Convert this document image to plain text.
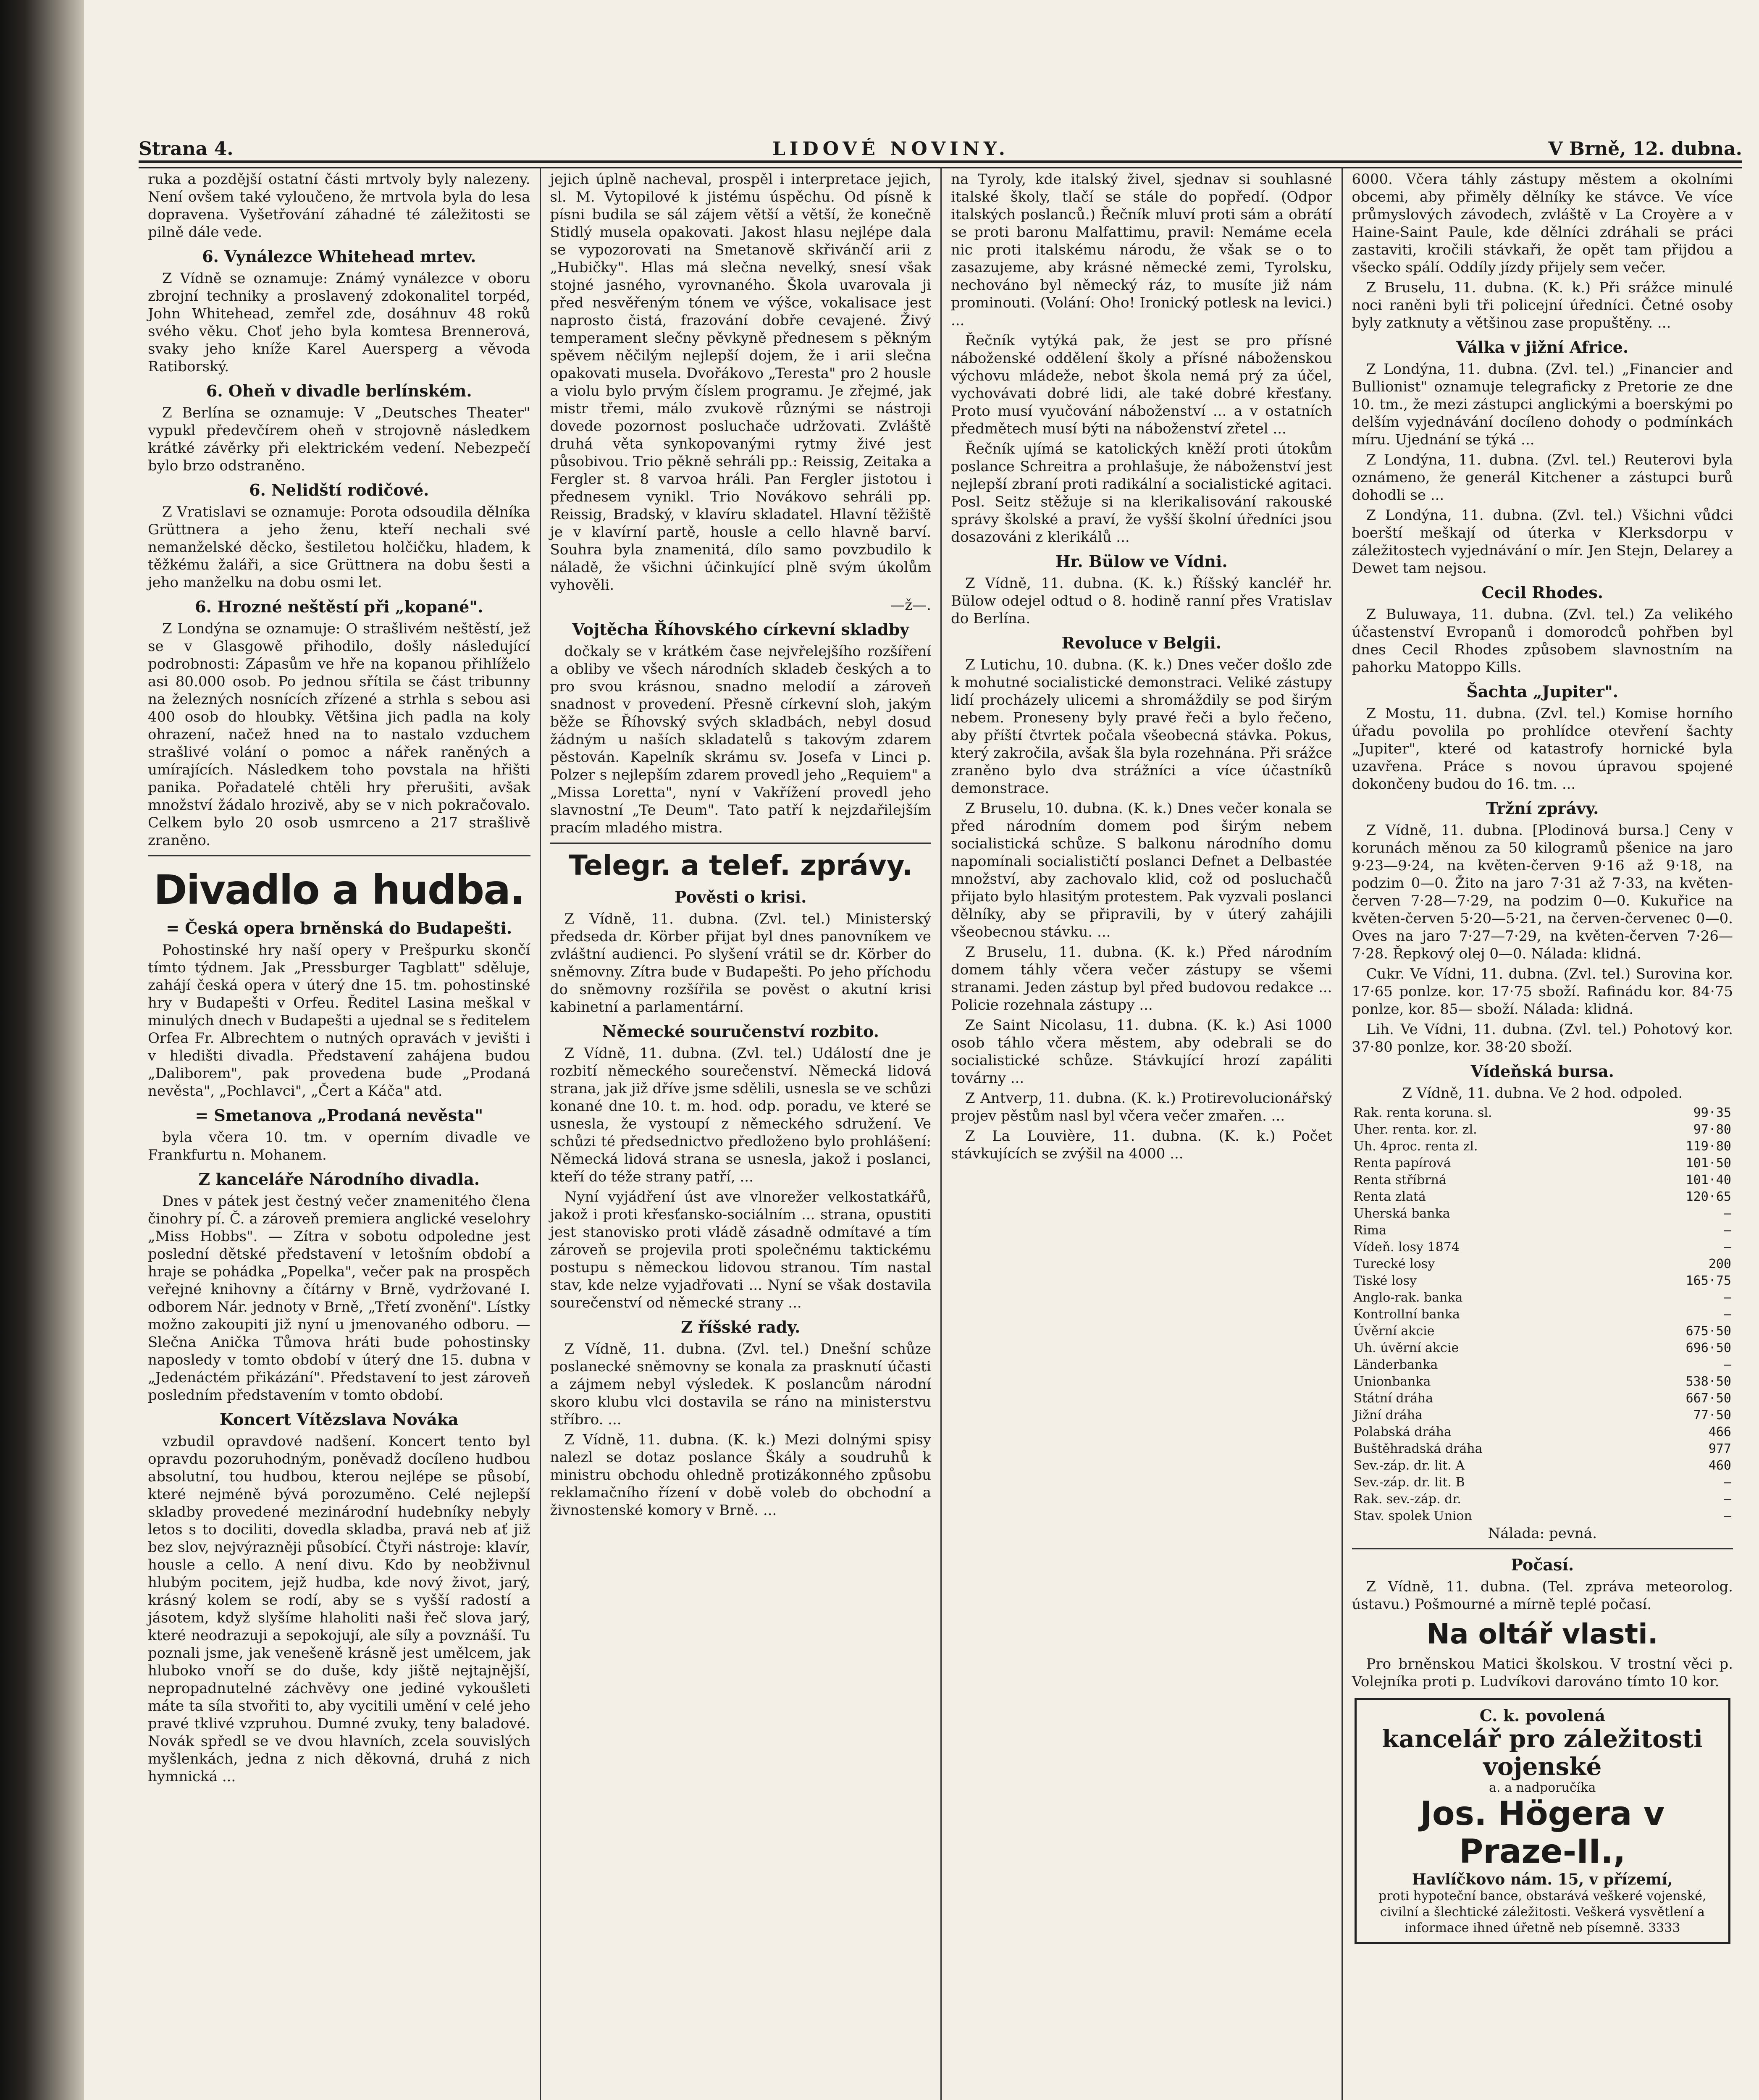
Strana 4.	LIDOVÉ NOVINY.	V Brně, 12. dubna.

ruka a pozdější ostatní části mrtvoly byly nalezeny. Není ovšem také vyloučeno, že mrtvola byla do lesa dopravena. Vyšetřování záhadné té záležitosti se pilně dále vede.

6. Vynálezce Whitehead mrtev.

Z Vídně se oznamuje: Známý vynálezce v oboru zbrojní techniky a proslavený zdokonalitel torpéd, John Whitehead, zemřel zde, dosáhnuv 48 roků svého věku. Choť jeho byla komtesa Brennerová, svaky jeho kníže Karel Auersperg a věvoda Ratiborský.

6. Oheň v divadle berlínském.

Z Berlína se oznamuje: V „Deutsches Theater" vypukl předevčírem oheň v strojovně následkem krátké závěrky při elektrickém vedení. Nebezpečí bylo brzo odstraněno.

6. Nelidští rodičové.

Z Vratislavi se oznamuje: Porota odsoudila dělníka Grüttnera a jeho ženu, kteří nechali své nemanželské děcko, šestiletou holčičku, hladem, k těžkému žaláři, a sice Grüttnera na dobu šesti a jeho manželku na dobu osmi let.

6. Hrozné neštěstí při „kopané".

Z Londýna se oznamuje: O strašlivém neštěstí, jež se v Glasgowě přihodilo, došly následující podrobnosti: Zápasům ve hře na kopanou přihlíželo asi 80.000 osob. Po jednou sřítila se část tribunny na železných nosnících zřízené a strhla s sebou asi 400 osob do hloubky. Většina jich padla na koly ohrazení, načež hned na to nastalo vzduchem strašlivé volání o pomoc a nářek raněných a umírajících. Následkem toho povstala na hřišti panika. Pořadatelé chtěli hry přerušiti, avšak množství žádalo hrozivě, aby se v nich pokračovalo. Celkem bylo 20 osob usmrceno a 217 strašlivě zraněno.

Divadlo a hudba.
= Česká opera brněnská do Budapešti.

Pohostinské hry naší opery v Prešpurku skončí tímto týdnem. Jak „Pressburger Tagblatt" sděluje, zahájí česká opera v úterý dne 15. tm. pohostinské hry v Budapešti v Orfeu. Ředitel Lasina meškal v minulých dnech v Budapešti a ujednal se s ředitelem Orfea Fr. Albrechtem o nutných opravách v jevišti i v hledišti divadla. Představení zahájena budou „Daliborem", pak provedena bude „Prodaná nevěsta", „Pochlavci", „Čert a Káča" atd.

= Smetanova „Prodaná nevěsta"

byla včera 10. tm. v operním divadle ve Frankfurtu n. Mohanem.

Z kanceláře Národního divadla.

Dnes v pátek jest čestný večer znamenitého člena činohry pí. Č. a zároveň premiera anglické veselohry „Miss Hobbs". — Zítra v sobotu odpoledne jest poslední dětské představení v letošním období a hraje se pohádka „Popelka", večer pak na prospěch veřejné knihovny a čítárny v Brně, vydržované I. odborem Nár. jednoty v Brně, „Třetí zvonění". Lístky možno zakoupiti již nyní u jmenovaného odboru. — Slečna Anička Tůmova hráti bude pohostinsky naposledy v tomto období v úterý dne 15. dubna v „Jedenáctém přikázání". Představení to jest zároveň posledním představením v tomto období.

Koncert Vítězslava Nováka

vzbudil opravdové nadšení. Koncert tento byl opravdu pozoruhodným, poněvadž docíleno hudbou absolutní, tou hudbou, kterou nejlépe se působí, které nejméně bývá porozuměno. Celé nejlepší skladby provedené mezinárodní hudebníky nebyly letos s to dociliti, dovedla skladba, pravá neb ať již bez slov, nejvýrazněji působící. Čtyři nástroje: klavír, housle a cello. A není divu. Kdo by neobživnul hlubým pocitem, jejž hudba, kde nový život, jarý, krásný kolem se rodí, aby se s vyšší radostí a jásotem, když slyšíme hlaholiti naši řeč slova jarý, které neodrazuji a sepokojují, ale síly a povznáší. Tu poznali jsme, jak venešeně krásně jest umělcem, jak hluboko vnoří se do duše, kdy jiště nejtajnější, nepropadnutelné záchvěvy one jediné vykoušleti máte ta síla stvořiti to, aby vycitili umění v celé jeho pravé tklivé vzpruhou. Dumné zvuky, teny baladové. Novák spředl se ve dvou hlavních, zcela souvislých myšlenkách, jedna z nich děkovná, druhá z nich hymnická ...

jejich úplně nacheval, prospěl i interpretace jejich, sl. M. Vytopilové k jistému úspěchu. Od písně k písni budila se sál zájem větší a větší, že konečně Stidlý musela opakovati. Jakost hlasu nejlépe dala se vypozorovati na Smetanově skřivánčí arii z „Hubičky". Hlas má slečna nevelký, snesí však stojné jasného, vyrovnaného. Škola uvarovala ji před nesvěřeným tónem ve výšce, vokalisace jest naprosto čistá, frazování dobře cevajené. Živý temperament slečny pěvkyně přednesem s pěkným spěvem něčilým nejlepší dojem, že i arii slečna opakovati musela. Dvořákovo „Teresta" pro 2 housle a violu bylo prvým číslem programu. Je zřejmé, jak mistr třemi, málo zvukově různými se nástroji dovede pozornost posluchače udržovati. Zvláště druhá věta synkopovanými rytmy živé jest působivou. Trio pěkně sehráli pp.: Reissig, Zeitaka a Fergler st. 8 varvoa hráli. Pan Fergler jistotou i přednesem vynikl. Trio Novákovo sehráli pp. Reissig, Bradský, v klavíru skladatel. Hlavní těžiště je v klavírní partě, housle a cello hlavně barví. Souhra byla znamenitá, dílo samo povzbudilo k náladě, že všichni účinkující plně svým úkolům vyhověli.

—ž—.

Vojtěcha Říhovského církevní skladby

dočkaly se v krátkém čase nejvřelejšího rozšíření a obliby ve všech národních skladeb českých a to pro svou krásnou, snadno melodií a zároveň snadnost v provedení. Přesně církevní sloh, jakým běže se Říhovský svých skladbách, nebyl dosud žádným u naších skladatelů s takovým zdarem pěstován. Kapelník skrámu sv. Josefa v Linci p. Polzer s nejlepším zdarem provedl jeho „Requiem" a „Missa Loretta", nyní v Vakřížení provedl jeho slavnostní „Te Deum". Tato patří k nejzdařilejším pracím mladého mistra.

Telegr. a telef. zprávy.
Pověsti o krisi.

Z Vídně, 11. dubna. (Zvl. tel.) Ministerský předseda dr. Körber přijat byl dnes panovníkem ve zvláštní audienci. Po slyšení vrátil se dr. Körber do sněmovny. Zítra bude v Budapešti. Po jeho příchodu do sněmovny rozšířila se pověst o akutní krisi kabinetní a parlamentární.

Německé souručenství rozbito.

Z Vídně, 11. dubna. (Zvl. tel.) Událostí dne je rozbití německého sourečenství. Německá lidová strana, jak již dříve jsme sdělili, usnesla se ve schůzi konané dne 10. t. m. hod. odp. poradu, ve které se usnesla, že vystoupí z německého sdružení. Ve schůzi té předsednictvo předloženo bylo prohlášení: Německá lidová strana se usnesla, jakož i poslanci, kteří do téže strany patří, ...

Nyní vyjádření úst ave vlnorežer velkostatkářů, jakož i proti křesťansko-sociálním ... strana, opustiti jest stanovisko proti vládě zásadně odmítavé a tím zároveň se projevila proti společnému taktickému postupu s německou lidovou stranou. Tím nastal stav, kde nelze vyjadřovati ... Nyní se však dostavila sourečenství od německé strany ...

Z říšské rady.

Z Vídně, 11. dubna. (Zvl. tel.) Dnešní schůze poslanecké sněmovny se konala za prasknutí účasti a zájmem nebyl výsledek. K poslancům národní skoro klubu vlci dostavila se ráno na ministerstvu stříbro. ...

Z Vídně, 11. dubna. (K. k.) Mezi dolnými spisy nalezl se dotaz poslance Škály a soudruhů k ministru obchodu ohledně protizákonného způsobu reklamačního řízení v době voleb do obchodní a živnostenské komory v Brně. ...

na Tyroly, kde italský živel, sjednav si souhlasné italské školy, tlačí se stále do popředí. (Odpor italských poslanců.) Řečník mluví proti sám a obrátí se proti baronu Malfattimu, pravil: Nemáme ecela nic proti italskému národu, že však se o to zasazujeme, aby krásné německé zemi, Tyrolsku, nechováno byl německý ráz, to musíte již nám prominouti. (Volání: Oho! Ironický potlesk na levici.) ...

Řečník vytýká pak, že jest se pro přísné náboženské oddělení školy a přísné náboženskou výchovu mládeže, nebot škola nemá prý za účel, vychovávati dobré lidi, ale také dobré křesťany. Proto musí vyučování náboženství ... a v ostatních předmětech musí býti na náboženství zřetel ...

Řečník ujímá se katolických kněží proti útokům poslance Schreitra a prohlašuje, že náboženství jest nejlepší zbraní proti radikální a socialistické agitaci. Posl. Seitz stěžuje si na klerikalisování rakouské správy školské a praví, že vyšší školní úředníci jsou dosazováni z klerikálů ...

Hr. Bülow ve Vídni.

Z Vídně, 11. dubna. (K. k.) Říšský kancléř hr. Bülow odejel odtud o 8. hodině ranní přes Vratislav do Berlína.

Revoluce v Belgii.

Z Lutichu, 10. dubna. (K. k.) Dnes večer došlo zde k mohutné socialistické demonstraci. Veliké zástupy lidí procházely ulicemi a shromáždily se pod širým nebem. Proneseny byly pravé řeči a bylo řečeno, aby příští čtvrtek počala všeobecná stávka. Pokus, který zakročila, avšak šla byla rozehnána. Při srážce zraněno bylo dva strážníci a více účastníků demonstrace.

Z Bruselu, 10. dubna. (K. k.) Dnes večer konala se před národním domem pod širým nebem socialistická schůze. S balkonu národního domu napomínali socialističtí poslanci Defnet a Delbastée množství, aby zachovalo klid, což od posluchačů přijato bylo hlasitým protestem. Pak vyzvali poslanci dělníky, aby se připravili, by v úterý zahájili všeobecnou stávku. ...

Z Bruselu, 11. dubna. (K. k.) Před národním domem táhly včera večer zástupy se všemi stranami. Jeden zástup byl před budovou redakce ... Policie rozehnala zástupy ...

Ze Saint Nicolasu, 11. dubna. (K. k.) Asi 1000 osob táhlo včera městem, aby odebrali se do socialistické schůze. Stávkující hrozí zapáliti továrny ...

Z Antverp, 11. dubna. (K. k.) Protirevolucionářský projev pěstům nasl byl včera večer zmařen. ...

Z La Louvière, 11. dubna. (K. k.) Počet stávkujících se zvýšil na 4000 ...

6000. Včera táhly zástupy městem a okolními obcemi, aby přiměly dělníky ke stávce. Ve více průmyslových závodech, zvláště v La Croyère a v Haine-Saint Paule, kde dělníci zdráhali se práci zastaviti, kročili stávkaři, že opět tam přijdou a všecko spálí. Oddíly jízdy přijely sem večer.

Z Bruselu, 11. dubna. (K. k.) Při srážce minulé noci raněni byli tři policejní úředníci. Četné osoby byly zatknuty a většinou zase propuštěny. ...

Válka v jižní Africe.

Z Londýna, 11. dubna. (Zvl. tel.) „Financier and Bullionist" oznamuje telegraficky z Pretorie ze dne 10. tm., že mezi zástupci anglickými a boerskými po delším vyjednávání docíleno dohody o podmínkách míru. Ujednání se týká ...

Z Londýna, 11. dubna. (Zvl. tel.) Reuterovi byla oznámeno, že generál Kitchener a zástupci burů dohodli se ...

Z Londýna, 11. dubna. (Zvl. tel.) Všichni vůdci boerští meškají od úterka v Klerksdorpu v záležitostech vyjednávání o mír. Jen Stejn, Delarey a Dewet tam nejsou.

Cecil Rhodes.

Z Buluwaya, 11. dubna. (Zvl. tel.) Za velikého účastenství Evropanů i domorodců pohřben byl dnes Cecil Rhodes způsobem slavnostním na pahorku Matoppo Kills.

Šachta „Jupiter".

Z Mostu, 11. dubna. (Zvl. tel.) Komise horního úřadu povolila po prohlídce otevření šachty „Jupiter", které od katastrofy hornické byla uzavřena. Práce s novou úpravou spojené dokončeny budou do 16. tm. ...

Tržní zprávy.

Z Vídně, 11. dubna. [Plodinová bursa.] Ceny v korunách měnou za 50 kilogramů pšenice na jaro 9·23—9·24, na květen-červen 9·16 až 9·18, na podzim 0—0. Žito na jaro 7·31 až 7·33, na květen-červen 7·28—7·29, na podzim 0—0. Kukuřice na květen-červen 5·20—5·21, na červen-červenec 0—0. Oves na jaro 7·27—7·29, na květen-červen 7·26—7·28. Řepkový olej 0—0. Nálada: klidná.

Cukr. Ve Vídni, 11. dubna. (Zvl. tel.) Surovina kor. 17·65 ponlze. kor. 17·75 sboží. Rafinádu kor. 84·75 ponlze, kor. 85— sboží. Nálada: klidná.

Lih. Ve Vídni, 11. dubna. (Zvl. tel.) Pohotový kor. 37·80 ponlze, kor. 38·20 sboží.

Vídeňská bursa.

Z Vídně, 11. dubna. Ve 2 hod. odpoled.

Rak. renta koruna. sl.	99·35
Uher. renta. kor. zl.	97·80
Uh. 4proc. renta zl.	119·80
Renta papírová	101·50
Renta stříbrná	101·40
Renta zlatá	120·65
Uherská banka	—
Rima	—
Vídeň. losy 1874	—
Turecké losy	200
Tiské losy	165·75
Anglo-rak. banka	—
Kontrollní banka	—
Úvěrní akcie	675·50
Uh. úvěrní akcie	696·50
Länderbanka	—
Unionbanka	538·50
Státní dráha	667·50
Jižní dráha	77·50
Polabská dráha	466
Buštěhradská dráha	977
Sev.-záp. dr. lit. A	460
Sev.-záp. dr. lit. B	—
Rak. sev.-záp. dr.	—
Stav. spolek Union	—

Nálada: pevná.

Počasí.

Z Vídně, 11. dubna. (Tel. zpráva meteorolog. ústavu.) Pošmourné a mírně teplé počasí.

Na oltář vlasti.

Pro brněnskou Matici školskou. V trostní věci p. Volejníka proti p. Ludvíkovi darováno tímto 10 kor.

C. k. povolená
kancelář pro záležitosti vojenské
a. a nadporučíka
Jos. Högera v Praze-II.,
Havlíčkovo nám. 15, v přízemí,
proti hypoteční bance, obstarává veškeré vojenské, civilní a šlechtické záležitosti. Veškerá vysvětlení a informace ihned úřetně neb písemně. 3333
